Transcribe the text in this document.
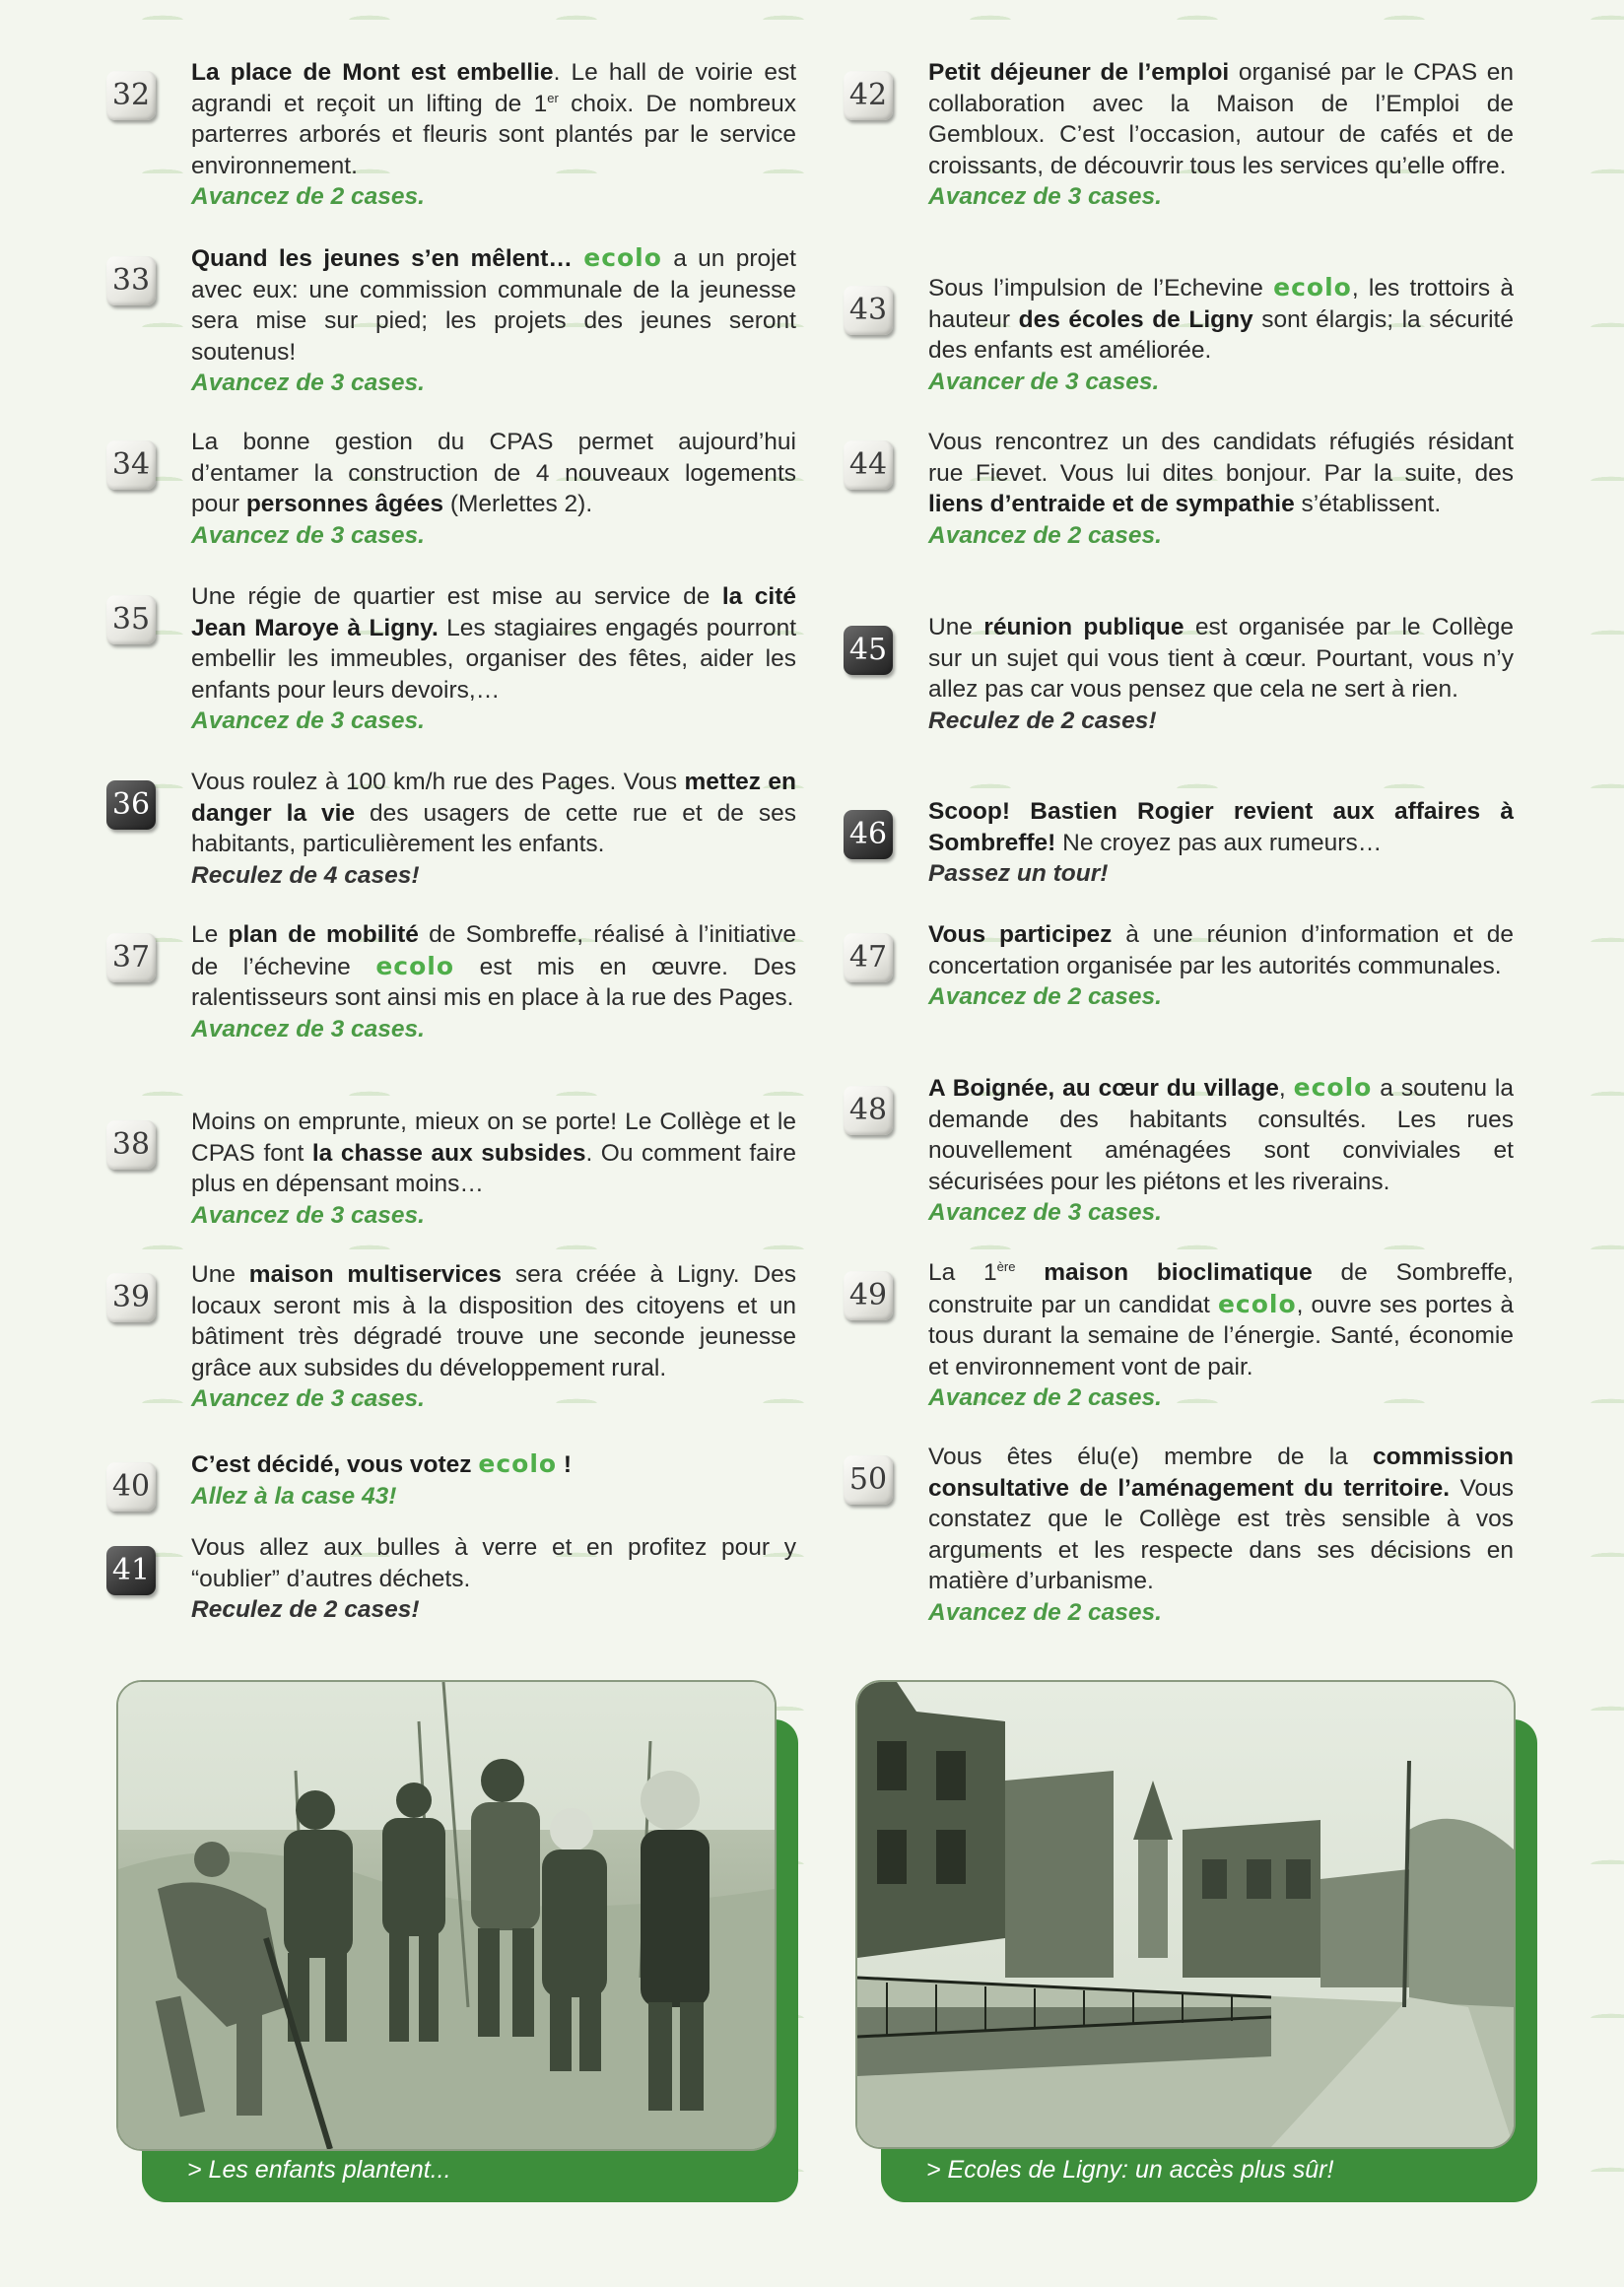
32
La place de Mont est embellie. Le hall de voirie est agrandi et reçoit un lifting de 1er choix. De nombreux parterres arborés et fleuris sont plantés par le service environnement.
Avancez de 2 cases.
33
Quand les jeunes s’en mêlent… ecolo a un projet avec eux: une commission communale de la jeunesse sera mise sur pied; les projets des jeunes seront soutenus!
Avancez de 3 cases.
34
La bonne gestion du CPAS permet aujourd’hui d’entamer la construction de 4 nouveaux logements pour personnes âgées (Merlettes 2).
Avancez de 3 cases.
35
Une régie de quartier est mise au service de la cité Jean Maroye à Ligny. Les stagiaires engagés pourront embellir les immeubles, organiser des fêtes, aider les enfants pour leurs devoirs,…
Avancez de 3 cases.
36
Vous roulez à 100 km/h rue des Pages. Vous mettez en danger la vie des usagers de cette rue et de ses habitants, particulièrement les enfants.
Reculez de 4 cases!
37
Le plan de mobilité de Sombreffe, réalisé à l’initiative de l’échevine ecolo est mis en œuvre. Des ralentisseurs sont ainsi mis en place à la rue des Pages.
Avancez de 3 cases.
38
Moins on emprunte, mieux on se porte! Le Collège et le CPAS font la chasse aux subsides. Ou comment faire plus en dépensant moins…
Avancez de 3 cases.
39
Une maison multiservices sera créée à Ligny. Des locaux seront mis à la disposition des citoyens et un bâtiment très dégradé trouve une seconde jeunesse grâce aux subsides du développement rural.
Avancez de 3 cases.
40
C’est décidé, vous votez ecolo !
Allez à la case 43!
41
Vous allez aux bulles à verre et en profitez pour y “oublier” d’autres déchets.
Reculez de 2 cases!
42
Petit déjeuner de l’emploi organisé par le CPAS en collaboration avec la Maison de l’Emploi de Gembloux. C’est l’occasion, autour de cafés et de croissants, de découvrir tous les services qu’elle offre.
Avancez de 3 cases.
43
Sous l’impulsion de l’Echevine ecolo, les trottoirs à hauteur des écoles de Ligny sont élargis; la sécurité des enfants est améliorée.
Avancer de 3 cases.
44
Vous rencontrez un des candidats réfugiés résidant rue Fievet. Vous lui dites bonjour. Par la suite, des liens d’entraide et de sympathie s’établissent.
Avancez de 2 cases.
45
Une réunion publique est organisée par le Collège sur un sujet qui vous tient à cœur. Pourtant, vous n’y allez pas car vous pensez que cela ne sert à rien.
Reculez de 2 cases!
46
Scoop! Bastien Rogier revient aux affaires à Sombreffe! Ne croyez pas aux rumeurs…
Passez un tour!
47
Vous participez à une réunion d’information et de concertation organisée par les autorités communales.
Avancez de 2 cases.
48
A Boignée, au cœur du village, ecolo a soutenu la demande des habitants consultés. Les rues nouvellement aménagées sont conviviales et sécurisées pour les piétons et les riverains.
Avancez de 3 cases.
49
La 1ère maison bioclimatique de Sombreffe, construite par un candidat ecolo, ouvre ses portes à tous durant la semaine de l’énergie. Santé, économie et environnement vont de pair.
Avancez de 2 cases.
50
Vous êtes élu(e) membre de la commission consultative de l’aménagement du territoire. Vous constatez que le Collège est très sensible à vos arguments et les respecte dans ses décisions en matière d’urbanisme.
Avancez de 2 cases.
> Les enfants plantent...	> Ecoles de Ligny: un accès plus sûr!
